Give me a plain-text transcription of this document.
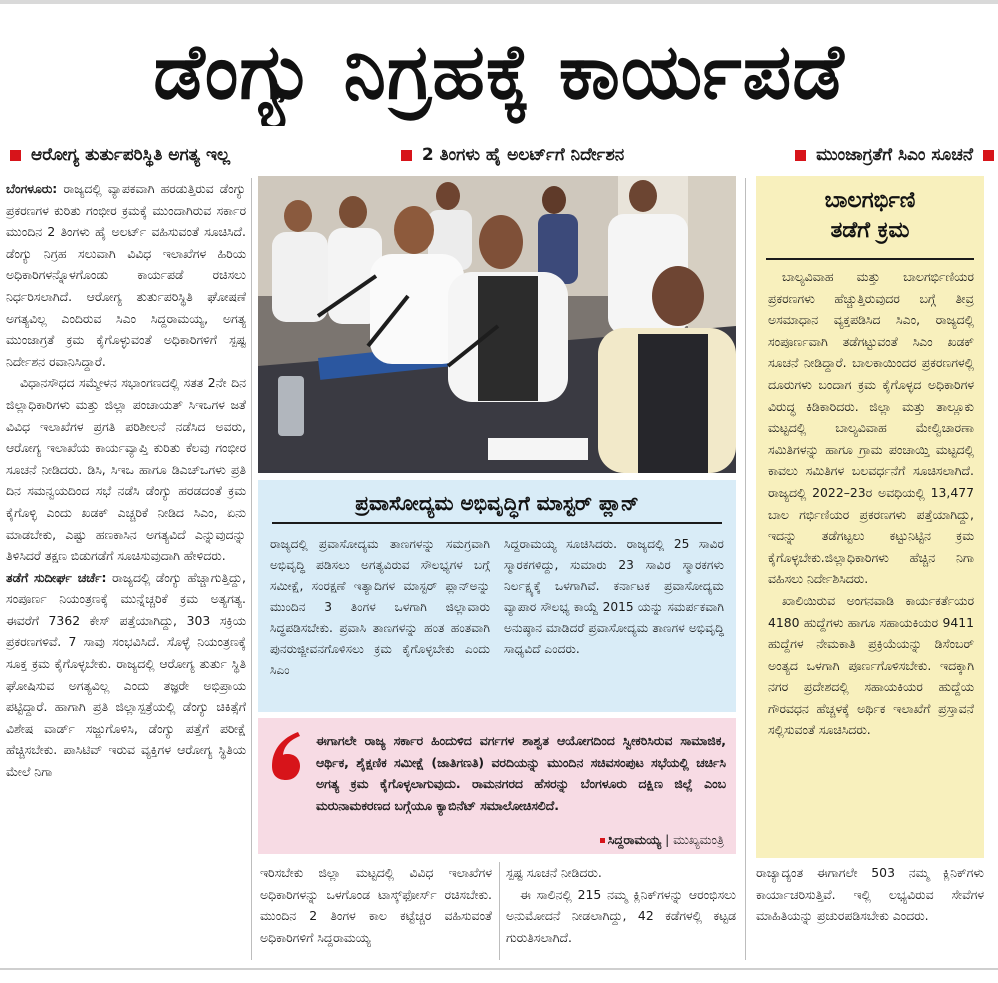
ಡೆಂಗ್ಯು ನಿಗ್ರಹಕ್ಕೆ ಕಾರ್ಯಪಡೆ
ಆರೋಗ್ಯ ತುರ್ತುಪರಿಸ್ಥಿತಿ ಅಗತ್ಯ ಇಲ್ಲ	2 ತಿಂಗಳು ಹೈ ಅಲರ್ಟ್‌ಗೆ ನಿರ್ದೇಶನ	ಮುಂಜಾಗ್ರತೆಗೆ ಸಿಎಂ ಸೂಚನೆ

ಬೆಂಗಳೂರು: ರಾಜ್ಯದಲ್ಲಿ ವ್ಯಾಪಕವಾಗಿ ಹರಡುತ್ತಿರುವ ಡೆಂಗ್ಯು ಪ್ರಕರಣಗಳ ಕುರಿತು ಗಂಭೀರ ಕ್ರಮಕ್ಕೆ ಮುಂದಾಗಿರುವ ಸರ್ಕಾರ ಮುಂದಿನ 2 ತಿಂಗಳು ಹೈ ಅಲರ್ಟ್ ವಹಿಸುವಂತೆ ಸೂಚಿಸಿದೆ. ಡೆಂಗ್ಯು ನಿಗ್ರಹ ಸಲುವಾಗಿ ವಿವಿಧ ಇಲಾಖೆಗಳ ಹಿರಿಯ ಅಧಿಕಾರಿಗಳನ್ನೊಳಗೊಂಡು ಕಾರ್ಯಪಡೆ ರಚಿಸಲು ನಿರ್ಧರಿಸಲಾಗಿದೆ. ಆರೋಗ್ಯ ತುರ್ತುಪರಿಸ್ಥಿತಿ ಘೋಷಣೆ ಅಗತ್ಯವಿಲ್ಲ ಎಂದಿರುವ ಸಿಎಂ ಸಿದ್ದರಾಮಯ್ಯ, ಅಗತ್ಯ ಮುಂಜಾಗ್ರತೆ ಕ್ರಮ ಕೈಗೊಳ್ಳುವಂತೆ ಅಧಿಕಾರಿಗಳಿಗೆ ಸ್ಪಷ್ಟ ನಿರ್ದೇಶನ ರವಾನಿಸಿದ್ದಾರೆ.

ವಿಧಾನಸೌಧದ ಸಮ್ಮೇಳನ ಸಭಾಂಗಣದಲ್ಲಿ ಸತತ 2ನೇ ದಿನ ಜಿಲ್ಲಾಧಿಕಾರಿಗಳು ಮತ್ತು ಜಿಲ್ಲಾ ಪಂಚಾಯತ್ ಸಿಇಒಗಳ ಜತೆ ವಿವಿಧ ಇಲಾಖೆಗಳ ಪ್ರಗತಿ ಪರಿಶೀಲನೆ ನಡೆಸಿದ ಅವರು, ಆರೋಗ್ಯ ಇಲಾಖೆಯ ಕಾರ್ಯವ್ಯಾಪ್ತಿ ಕುರಿತು ಕೆಲವು ಗಂಭೀರ ಸೂಚನೆ ನೀಡಿದರು. ಡಿಸಿ, ಸಿಇಒ ಹಾಗೂ ಡಿಎಚ್‌ಒಗಳು ಪ್ರತಿ ದಿನ ಸಮನ್ವಯದಿಂದ ಸಭೆ ನಡೆಸಿ ಡೆಂಗ್ಯು ಹರಡದಂತೆ ಕ್ರಮ ಕೈಗೊಳ್ಳಿ ಎಂದು ಖಡಕ್ ಎಚ್ಚರಿಕೆ ನೀಡಿದ ಸಿಎಂ, ಏನು ಮಾಡಬೇಕು, ಎಷ್ಟು ಹಣಕಾಸಿನ ಅಗತ್ಯವಿದೆ ಎನ್ನುವುದನ್ನು ತಿಳಿಸಿದರೆ ತಕ್ಷಣ ಬಿಡುಗಡೆಗೆ ಸೂಚಿಸುವುದಾಗಿ ಹೇಳಿದರು.

ತಡೆಗೆ ಸುದೀರ್ಘ ಚರ್ಚೆ: ರಾಜ್ಯದಲ್ಲಿ ಡೆಂಗ್ಯು ಹೆಚ್ಚಾಗುತ್ತಿದ್ದು, ಸಂಪೂರ್ಣ ನಿಯಂತ್ರಣಕ್ಕೆ ಮುನ್ನೆಚ್ಚರಿಕೆ ಕ್ರಮ ಅತ್ಯಗತ್ಯ. ಈವರೆಗೆ 7362 ಕೇಸ್ ಪತ್ತೆಯಾಗಿದ್ದು, 303 ಸಕ್ರಿಯ ಪ್ರಕರಣಗಳಿವೆ. 7 ಸಾವು ಸಂಭವಿಸಿದೆ. ಸೊಳ್ಳೆ ನಿಯಂತ್ರಣಕ್ಕೆ ಸೂಕ್ತ ಕ್ರಮ ಕೈಗೊಳ್ಳಬೇಕು. ರಾಜ್ಯದಲ್ಲಿ ಆರೋಗ್ಯ ತುರ್ತು ಸ್ಥಿತಿ ಘೋಷಿಸುವ ಅಗತ್ಯವಿಲ್ಲ ಎಂದು ತಜ್ಞರೇ ಅಭಿಪ್ರಾಯ ಪಟ್ಟಿದ್ದಾರೆ. ಹಾಗಾಗಿ ಪ್ರತಿ ಜಿಲ್ಲಾಸ್ಪತ್ರೆಯಲ್ಲಿ ಡೆಂಗ್ಯು ಚಿಕಿತ್ಸೆಗೆ ವಿಶೇಷ ವಾರ್ಡ್ ಸಜ್ಜುಗೊಳಿಸಿ, ಡೆಂಗ್ಯು ಪತ್ತೆಗೆ ಪರೀಕ್ಷೆ ಹೆಚ್ಚಿಸಬೇಕು. ಪಾಸಿಟಿವ್ ಇರುವ ವ್ಯಕ್ತಿಗಳ ಆರೋಗ್ಯ ಸ್ಥಿತಿಯ ಮೇಲೆ ನಿಗಾ

ಪ್ರವಾಸೋದ್ಯಮ ಅಭಿವೃದ್ಧಿಗೆ ಮಾಸ್ಟರ್ ಪ್ಲಾನ್

ರಾಜ್ಯದಲ್ಲಿ ಪ್ರವಾಸೋದ್ಯಮ ತಾಣಗಳನ್ನು ಸಮಗ್ರವಾಗಿ ಅಭಿವೃದ್ಧಿ ಪಡಿಸಲು ಅಗತ್ಯವಿರುವ ಸೌಲಭ್ಯಗಳ ಬಗ್ಗೆ ಸಮೀಕ್ಷೆ, ಸಂರಕ್ಷಣೆ ಇತ್ಯಾದಿಗಳ ಮಾಸ್ಟರ್ ಪ್ಲಾನ್‌ಅನ್ನು ಮುಂದಿನ 3 ತಿಂಗಳ ಒಳಗಾಗಿ ಜಿಲ್ಲಾವಾರು ಸಿದ್ಧಪಡಿಸಬೇಕು. ಪ್ರವಾಸಿ ತಾಣಗಳನ್ನು ಹಂತ ಹಂತವಾಗಿ ಪುನರುಜ್ಜೀವನಗೊಳಿಸಲು ಕ್ರಮ ಕೈಗೊಳ್ಳಬೇಕು ಎಂದು ಸಿಎಂ

ಸಿದ್ದರಾಮಯ್ಯ ಸೂಚಿಸಿದರು. ರಾಜ್ಯದಲ್ಲಿ 25 ಸಾವಿರ ಸ್ಮಾರಕಗಳಿದ್ದು, ಸುಮಾರು 23 ಸಾವಿರ ಸ್ಮಾರಕಗಳು ನಿರ್ಲಕ್ಷ್ಯಕ್ಕೆ ಒಳಗಾಗಿವೆ. ಕರ್ನಾಟಕ ಪ್ರವಾಸೋದ್ಯಮ ವ್ಯಾಪಾರ ಸೌಲಭ್ಯ ಕಾಯ್ದೆ 2015 ಯನ್ನು ಸಮರ್ಪಕವಾಗಿ ಅನುಷ್ಠಾನ ಮಾಡಿದರೆ ಪ್ರವಾಸೋದ್ಯಮ ತಾಣಗಳ ಅಭಿವೃದ್ಧಿ ಸಾಧ್ಯವಿದೆ ಎಂದರು.

ಈಗಾಗಲೇ ರಾಜ್ಯ ಸರ್ಕಾರ ಹಿಂದುಳಿದ ವರ್ಗಗಳ ಶಾಶ್ವತ ಆಯೋಗದಿಂದ ಸ್ವೀಕರಿಸಿರುವ ಸಾಮಾಜಿಕ, ಆರ್ಥಿಕ, ಶೈಕ್ಷಣಿಕ ಸಮೀಕ್ಷೆ (ಜಾತಿಗಣತಿ) ವರದಿಯನ್ನು ಮುಂದಿನ ಸಚಿವಸಂಪುಟ ಸಭೆಯಲ್ಲಿ ಚರ್ಚಿಸಿ ಅಗತ್ಯ ಕ್ರಮ ಕೈಗೊಳ್ಳಲಾಗುವುದು. ರಾಮನಗರದ ಹೆಸರನ್ನು ಬೆಂಗಳೂರು ದಕ್ಷಿಣ ಜಿಲ್ಲೆ ಎಂಬ ಮರುನಾಮಕರಣದ ಬಗ್ಗೆಯೂ ಕ್ಯಾಬಿನೆಟ್ ಸಮಾಲೋಚಿಸಲಿದೆ.

ಸಿದ್ದರಾಮಯ್ಯ | ಮುಖ್ಯಮಂತ್ರಿ

ಇರಿಸಬೇಕು ಜಿಲ್ಲಾ ಮಟ್ಟದಲ್ಲಿ ವಿವಿಧ ಇಲಾಖೆಗಳ ಅಧಿಕಾರಿಗಳನ್ನು ಒಳಗೊಂಡ ಟಾಸ್ಕ್‌ಫೋರ್ಸ್ ರಚಿಸಬೇಕು. ಮುಂದಿನ 2 ತಿಂಗಳ ಕಾಲ ಕಟ್ಟೆಚ್ಚರ ವಹಿಸುವಂತೆ ಅಧಿಕಾರಿಗಳಿಗೆ ಸಿದ್ದರಾಮಯ್ಯ

ಸ್ಪಷ್ಟ ಸೂಚನೆ ನೀಡಿದರು.

ಈ ಸಾಲಿನಲ್ಲಿ 215 ನಮ್ಮ ಕ್ಲಿನಿಕ್‌ಗಳನ್ನು ಆರಂಭಿಸಲು ಅನುಮೋದನೆ ನೀಡಲಾಗಿದ್ದು, 42 ಕಡೆಗಳಲ್ಲಿ ಕಟ್ಟಡ ಗುರುತಿಸಲಾಗಿದೆ.

ಬಾಲಗರ್ಭಿಣಿ
ತಡೆಗೆ ಕ್ರಮ

ಬಾಲ್ಯವಿವಾಹ ಮತ್ತು ಬಾಲಗರ್ಭಿಣಿಯರ ಪ್ರಕರಣಗಳು ಹೆಚ್ಚುತ್ತಿರುವುದರ ಬಗ್ಗೆ ತೀವ್ರ ಅಸಮಾಧಾನ ವ್ಯಕ್ತಪಡಿಸಿದ ಸಿಎಂ, ರಾಜ್ಯದಲ್ಲಿ ಸಂಪೂರ್ಣವಾಗಿ ತಡೆಗಟ್ಟುವಂತೆ ಸಿಎಂ ಖಡಕ್ ಸೂಚನೆ ನೀಡಿದ್ದಾರೆ. ಬಾಲಕಾಯಿಂದರ ಪ್ರಕರಣಗಳಲ್ಲಿ ದೂರುಗಳು ಬಂದಾಗ ಕ್ರಮ ಕೈಗೊಳ್ಳದ ಅಧಿಕಾರಿಗಳ ವಿರುದ್ಧ ಕಿಡಿಕಾರಿದರು. ಜಿಲ್ಲಾ ಮತ್ತು ತಾಲ್ಲೂಕು ಮಟ್ಟದಲ್ಲಿ ಬಾಲ್ಯವಿವಾಹ ಮೇಲ್ವಿಚಾರಣಾ ಸಮಿತಿಗಳನ್ನು ಹಾಗೂ ಗ್ರಾಮ ಪಂಚಾಯ್ತಿ ಮಟ್ಟದಲ್ಲಿ ಕಾವಲು ಸಮಿತಿಗಳ ಬಲವರ್ಧನೆಗೆ ಸೂಚಿಸಲಾಗಿದೆ. ರಾಜ್ಯದಲ್ಲಿ 2022–23ರ ಅವಧಿಯಲ್ಲಿ 13,477 ಬಾಲ ಗರ್ಭಿಣಿಯರ ಪ್ರಕರಣಗಳು ಪತ್ತೆಯಾಗಿದ್ದು, ಇದನ್ನು ತಡೆಗಟ್ಟಲು ಕಟ್ಟುನಿಟ್ಟಿನ ಕ್ರಮ ಕೈಗೊಳ್ಳಬೇಕು.ಜಿಲ್ಲಾಧಿಕಾರಿಗಳು ಹೆಚ್ಚಿನ ನಿಗಾ ವಹಿಸಲು ನಿರ್ದೇಶಿಸಿದರು.

ಖಾಲಿಯಿರುವ ಅಂಗನವಾಡಿ ಕಾರ್ಯಕರ್ತೆಯರ 4180 ಹುದ್ದೆಗಳು ಹಾಗೂ ಸಹಾಯಕಿಯರ 9411 ಹುದ್ದೆಗಳ ನೇಮಕಾತಿ ಪ್ರಕ್ರಿಯೆಯನ್ನು ಡಿಸೆಂಬರ್ ಅಂತ್ಯದ ಒಳಗಾಗಿ ಪೂರ್ಣಗೊಳಿಸಬೇಕು. ಇದಕ್ಕಾಗಿ ನಗರ ಪ್ರದೇಶದಲ್ಲಿ ಸಹಾಯಕಿಯರ ಹುದ್ದೆಯ ಗೌರವಧನ ಹೆಚ್ಚಳಕ್ಕೆ ಅರ್ಥಿಕ ಇಲಾಖೆಗೆ ಪ್ರಸ್ತಾವನೆ ಸಲ್ಲಿಸುವಂತೆ ಸೂಚಿಸಿದರು.

ರಾಜ್ಯಾದ್ಯಂತ ಈಗಾಗಲೇ 503 ನಮ್ಮ ಕ್ಲಿನಿಕ್‌ಗಳು ಕಾರ್ಯಾಚರಿಸುತ್ತಿವೆ. ಇಲ್ಲಿ ಲಭ್ಯವಿರುವ ಸೇವೆಗಳ ಮಾಹಿತಿಯನ್ನು ಪ್ರಚುರಪಡಿಸಬೇಕು ಎಂದರು.
